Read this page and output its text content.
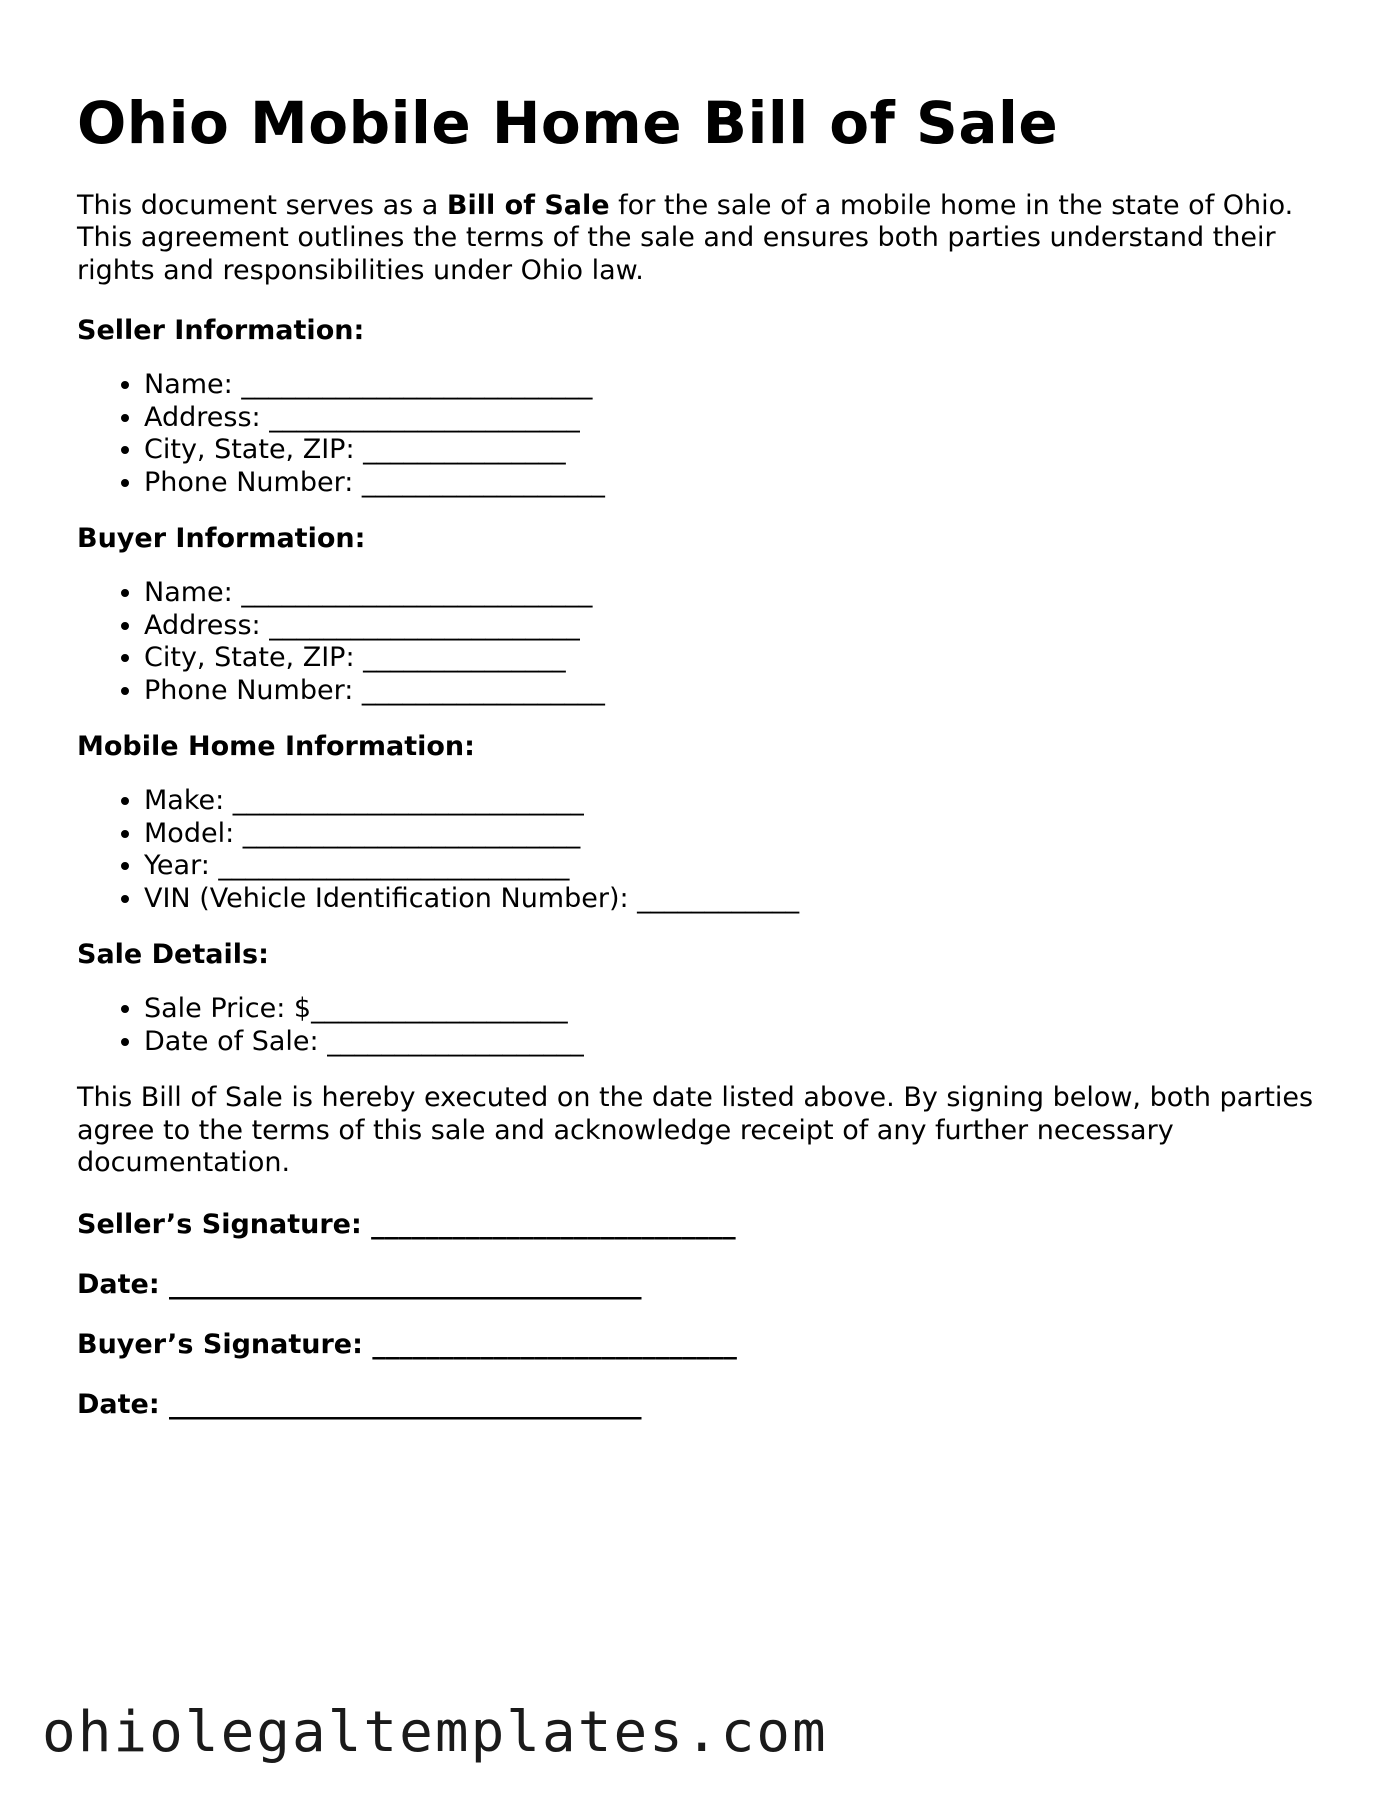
Ohio Mobile Home Bill of Sale

This document serves as a Bill of Sale for the sale of a mobile home in the state of Ohio. This agreement outlines the terms of the sale and ensures both parties understand their rights and responsibilities under Ohio law.

Seller Information:
• Name: __________________________
• Address: _______________________
• City, State, ZIP: _______________
• Phone Number: __________________
Buyer Information:
• Name: __________________________
• Address: _______________________
• City, State, ZIP: _______________
• Phone Number: __________________
Mobile Home Information:
• Make: __________________________
• Model: _________________________
• Year: __________________________
• VIN (Vehicle Identification Number): ____________
Sale Details:
• Sale Price: $___________________
• Date of Sale: ___________________

This Bill of Sale is hereby executed on the date listed above. By signing below, both parties agree to the terms of this sale and acknowledge receipt of any further necessary documentation.

Seller’s Signature: ___________________________
Date: ___________________________________
Buyer’s Signature: ___________________________
Date: ___________________________________
ohiolegaltemplates.com
